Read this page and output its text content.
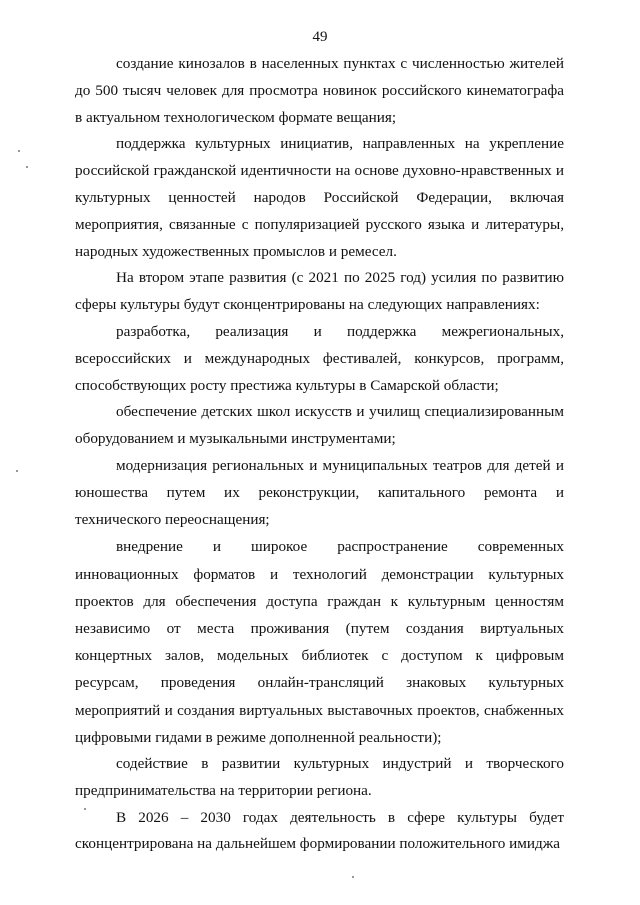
49

создание кинозалов в населенных пунктах с численностью жителей до 500 тысяч человек для просмотра новинок российского кинематографа в актуальном технологическом формате вещания;

поддержка культурных инициатив, направленных на укрепление российской гражданской идентичности на основе духовно-нравственных и культурных ценностей народов Российской Федерации, включая мероприятия, связанные с популяризацией русского языка и литературы, народных художественных промыслов и ремесел.

На втором этапе развития (с 2021 по 2025 год) усилия по развитию сферы культуры будут сконцентрированы на следующих направлениях:

разработка, реализация и поддержка межрегиональных, всероссийских и международных фестивалей, конкурсов, программ, способствующих росту престижа культуры в Самарской области;

обеспечение детских школ искусств и училищ специализированным оборудованием и музыкальными инструментами;

модернизация региональных и муниципальных театров для детей и юношества путем их реконструкции, капитального ремонта и технического переоснащения;

внедрение и широкое распространение современных инновационных форматов и технологий демонстрации культурных проектов для обеспечения доступа граждан к культурным ценностям независимо от места проживания (путем создания виртуальных концертных залов, модельных библиотек с доступом к цифровым ресурсам, проведения онлайн-трансляций знаковых культурных мероприятий и создания виртуальных выставочных проектов, снабженных цифровыми гидами в режиме дополненной реальности);

содействие в развитии культурных индустрий и творческого предпринимательства на территории региона.

В 2026 – 2030 годах деятельность в сфере культуры будет сконцентрирована на дальнейшем формировании положительного имиджа
